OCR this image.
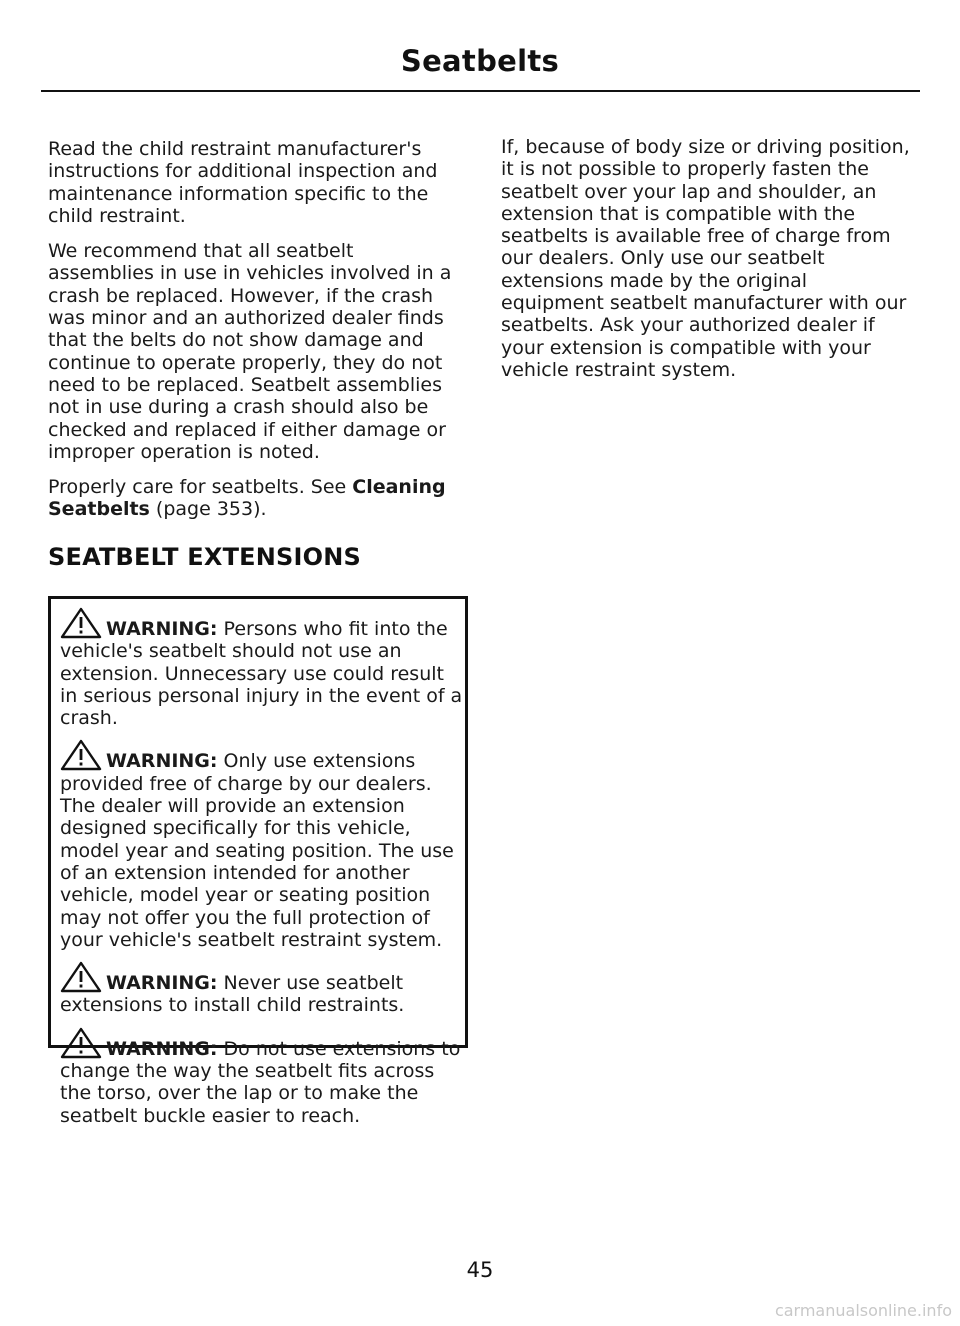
Seatbelts

Read the child restraint manufacturer's instructions for additional inspection and maintenance information specific to the child restraint.

We recommend that all seatbelt assemblies in use in vehicles involved in a crash be replaced. However, if the crash was minor and an authorized dealer finds that the belts do not show damage and continue to operate properly, they do not need to be replaced. Seatbelt assemblies not in use during a crash should also be checked and replaced if either damage or improper operation is noted.

Properly care for seatbelts. See Cleaning Seatbelts (page 353).

SEATBELT EXTENSIONS

WARNING: Persons who fit into the vehicle's seatbelt should not use an extension. Unnecessary use could result in serious personal injury in the event of a crash.

WARNING: Only use extensions provided free of charge by our dealers. The dealer will provide an extension designed specifically for this vehicle, model year and seating position. The use of an extension intended for another vehicle, model year or seating position may not offer you the full protection of your vehicle's seatbelt restraint system.

WARNING: Never use seatbelt extensions to install child restraints.

WARNING: Do not use extensions to change the way the seatbelt fits across the torso, over the lap or to make the seatbelt buckle easier to reach.

If, because of body size or driving position, it is not possible to properly fasten the seatbelt over your lap and shoulder, an extension that is compatible with the seatbelts is available free of charge from our dealers. Only use our seatbelt extensions made by the original equipment seatbelt manufacturer with our seatbelts. Ask your authorized dealer if your extension is compatible with your vehicle restraint system.

45
carmanualsonline.info
